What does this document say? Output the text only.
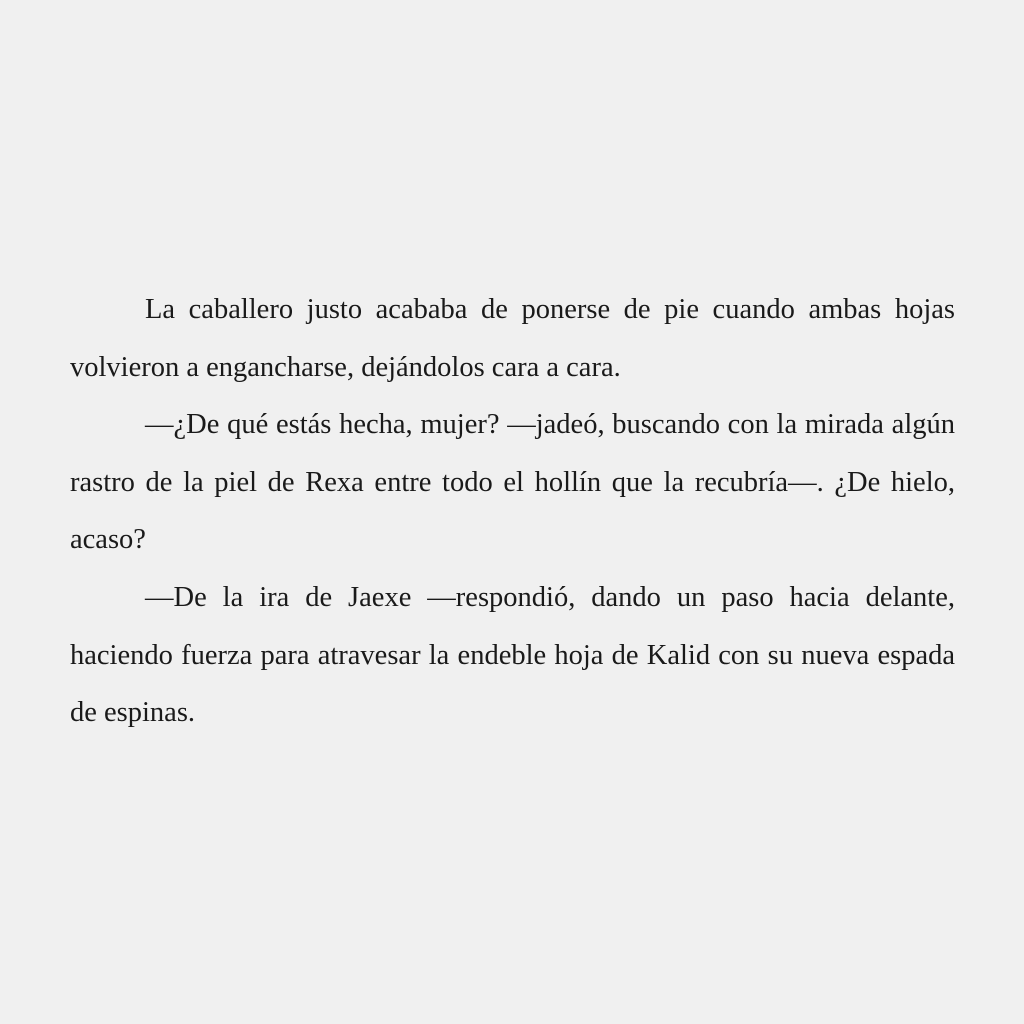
La caballero justo acababa de ponerse de pie cuando ambas hojas volvieron a engancharse, dejándolos cara a cara.

—¿De qué estás hecha, mujer? —jadeó, buscando con la mirada algún rastro de la piel de Rexa entre todo el hollín que la recubría—. ¿De hielo, acaso?

—De la ira de Jaexe —respondió, dando un paso hacia delante, haciendo fuerza para atravesar la endeble hoja de Kalid con su nueva espada de espinas.
